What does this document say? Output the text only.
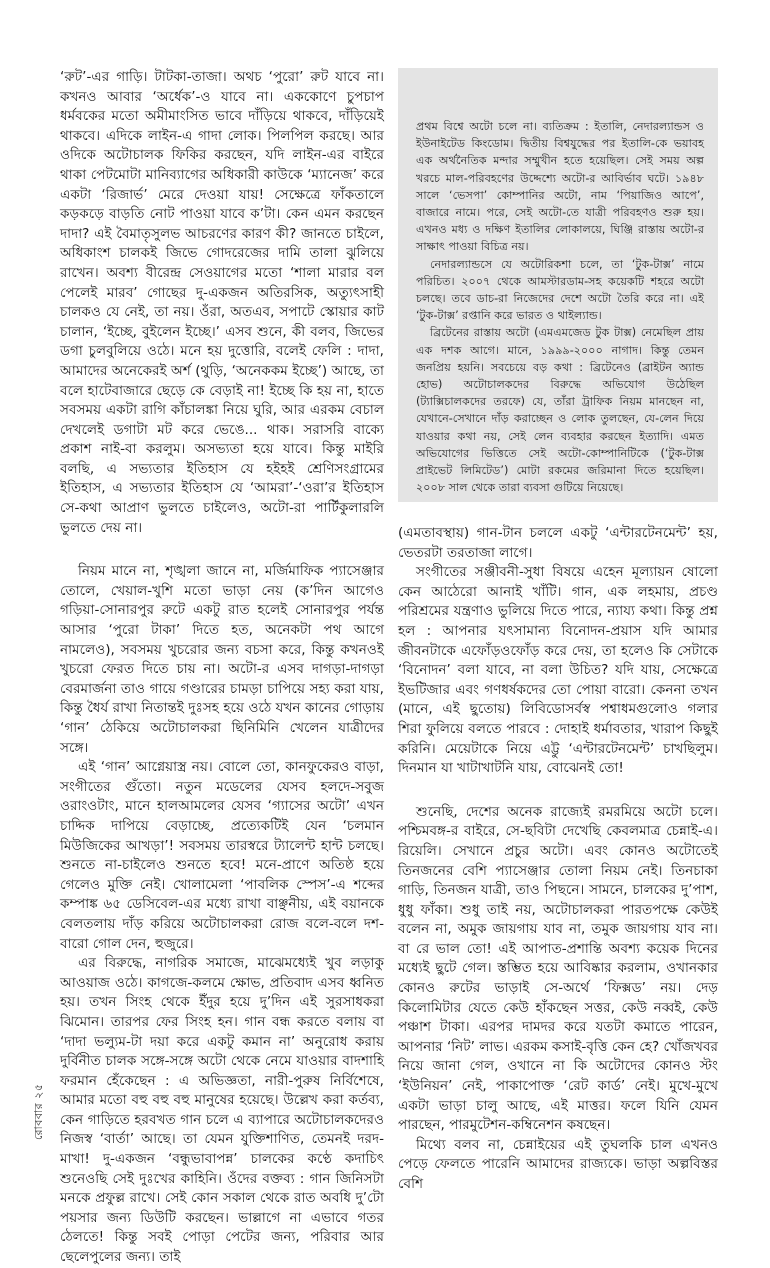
‘রুট’-এর গাড়ি। টাটকা-তাজা। অথচ ‘পুরো’ রুট যাবে না। কখনও আবার ‘অর্ধেক’-ও যাবে না। এককোণে চুপচাপ ধর্মবকের মতো অমীমাংসিত ভাবে দাঁড়িয়ে থাকবে, দাঁড়িয়েই থাকবে। এদিকে লাইন-এ গাদা লোক। পিলপিল করছে। আর ওদিকে অটোচালক ফিকির করছেন, যদি লাইন-এর বাইরে থাকা পেটমোটা মানিব্যাগের অধিকারী কাউকে ‘ম্যানেজ’ করে একটা ‘রিজার্ভ’ মেরে দেওয়া যায়! সেক্ষেত্রে ফাঁকতালে কড়কড়ে বাড়তি নোট পাওয়া যাবে ক’টা। কেন এমন করছেন দাদা? এই বৈমাতৃসুলভ আচরণের কারণ কী? জানতে চাইলে, অধিকাংশ চালকই জিভে গোদরেজের দামি তালা ঝুলিয়ে রাখেন। অবশ্য বীরেন্দ্র সেওয়াগের মতো ‘শালা মারার বল পেলেই মারব’ গোছের দু-একজন অতিরসিক, অত্যুৎসাহী চালকও যে নেই, তা নয়। ওঁরা, অতএব, সপাটে স্কোয়ার কাট চালান, ‘ইচ্ছে, বুইলেন ইচ্ছে।’ এসব শুনে, কী বলব, জিভের ডগা চুলবুলিয়ে ওঠে। মনে হয় দুত্তোরি, বলেই ফেলি : দাদা, আমাদের অনেকেরই অর্শ (থুড়ি, ‘অনেককম ইচ্ছে’) আছে, তা বলে হাটেবাজারে ছেড়ে কে বেড়াই না! ইচ্ছে কি হয় না, হাতে সবসময় একটা রাগি কাঁচালঙ্কা নিয়ে ঘুরি, আর এরকম বেচাল দেখলেই ডগাটা মট করে ভেঙে... থাক। সরাসরি বাক্যে প্রকাশ নাই-বা করলুম। অসভ্যতা হয়ে যাবে। কিন্তু মাইরি বলছি, এ সভ্যতার ইতিহাস যে হইহই শ্রেণিসংগ্রামের ইতিহাস, এ সভ্যতার ইতিহাস যে ‘আমরা’-‘ওরা’র ইতিহাস সে-কথা আপ্রাণ ভুলতে চাইলেও, অটো-রা পার্টিকুলারলি ভুলতে দেয় না।

নিয়ম মানে না, শৃঙ্খলা জানে না, মর্জিমাফিক প্যাসেঞ্জার তোলে, খেয়াল-খুশি মতো ভাড়া নেয় (ক’দিন আগেও গড়িয়া-সোনারপুর রুটে একটু রাত হলেই সোনারপুর পর্যন্ত আসার ‘পুরো টাকা’ দিতে হত, অনেকটা পথ আগে নামলেও), সবসময় খুচরোর জন্য বচসা করে, কিন্তু কখনওই খুচরো ফেরত দিতে চায় না। অটো-র এসব দাগড়া-দাগড়া বেরমার্জনা তাও গায়ে গণ্ডারের চামড়া চাপিয়ে সহ্য করা যায়, কিন্তু ধৈর্য রাখা নিতান্তই দুঃসহ হয়ে ওঠে যখন কানের গোড়ায় ‘গান’ ঠেকিয়ে অটোচালকরা ছিনিমিনি খেলেন যাত্রীদের সঙ্গে।

এই ‘গান’ আগ্নেয়াস্ত্র নয়। বোলে তো, কানফুকেরও বাড়া, সংগীতের গুঁতো। নতুন মডেলের যেসব হলদে-সবুজ ওরাংওটাং, মানে হালআমলের যেসব ‘গ্যাসের অটো’ এখন চাদ্দিক দাপিয়ে বেড়াচ্ছে, প্রত্যেকটিই যেন ‘চলমান মিউজিকের আখড়া’! সবসময় তারস্বরে ট্যালেন্ট হান্ট চলছে। শুনতে না-চাইলেও শুনতে হবে! মনে-প্রাণে অতিষ্ঠ হয়ে গেলেও মুক্তি নেই। খোলামেলা ‘পাবলিক স্পেস’-এ শব্দের কম্পাঙ্ক ৬৫ ডেসিবেল-এর মধ্যে রাখা বাঞ্ছনীয়, এই বয়ানকে বেলতলায় দাঁড় করিয়ে অটোচালকরা রোজ বলে-বলে দশ-বারো গোল দেন, হুজুরে।

এর বিরুদ্ধে, নাগরিক সমাজে, মাঝেমধ্যেই খুব লড়াকু আওয়াজ ওঠে। কাগজে-কলমে ক্ষোভ, প্রতিবাদ এসব ধ্বনিত হয়। তখন সিংহ থেকে ইঁদুর হয়ে দু’দিন এই সুরসাধকরা ঝিমোন। তারপর ফের সিংহ হন। গান বন্ধ করতে বলায় বা ‘দাদা ভল্যুম-টা দয়া করে একটু কমান না’ অনুরোধ করায় দুর্বিনীত চালক সঙ্গে-সঙ্গে অটো থেকে নেমে যাওয়ার বাদশাহি ফরমান হেঁকেছেন : এ অভিজ্ঞতা, নারী-পুরুষ নির্বিশেষে, আমার মতো বহু বহু বহু মানুষের হয়েছে। উল্লেখ করা কর্তব্য, কেন গাড়িতে হরবখত গান চলে এ ব্যাপারে অটোচালকদেরও নিজস্ব ‘বার্তা’ আছে। তা যেমন যুক্তিশাণিত, তেমনই দরদ-মাখা! দু-একজন ‘বন্ধুভাবাপন্ন’ চালকের কণ্ঠে কদাচিৎ শুনেওছি সেই দুঃখের কাহিনি। ওঁদের বক্তব্য : গান জিনিসটা মনকে প্রফুল্ল রাখে। সেই কোন সকাল থেকে রাত অবধি দু’টো পয়সার জন্য ডিউটি করছেন। ভাল্লাগে না এভাবে গতর ঠেলতে! কিন্তু সবই পোড়া পেটের জন্য, পরিবার আর ছেলেপুলের জন্য। তাই

প্রথম বিশ্বে অটো চলে না। ব্যতিক্রম : ইতালি, নেদারল্যান্ডস ও ইউনাইটেড কিংডোম। দ্বিতীয় বিশ্বযুদ্ধের পর ইতালি-কে ভয়াবহ এক অর্থনৈতিক মন্দার সম্মুখীন হতে হয়েছিল। সেই সময় অল্প খরচে মাল-পরিবহণের উদ্দেশ্যে অটো-র আবির্ভাব ঘটে। ১৯৪৮ সালে ‘ভেসপা’ কোম্পানির অটো, নাম ‘পিয়াজিও আপে’, বাজারে নামে। পরে, সেই অটো-তে যাত্রী পরিবহণও শুরু হয়। এখনও মধ্য ও দক্ষিণ ইতালির লোকালয়ে, ঘিঞ্জি রাস্তায় অটো-র সাক্ষাৎ পাওয়া বিচিত্র নয়।

নেদারল্যান্ডসে যে অটোরিকশা চলে, তা ‘টুক-টাক্স’ নামে পরিচিত। ২০০৭ থেকে আমস্টারডাম-সহ কয়েকটি শহরে অটো চলছে। তবে ডাচ-রা নিজেদের দেশে অটো তৈরি করে না। এই ‘টুক-টাক্স’ রপ্তানি করে ভারত ও থাইল্যান্ড।

ব্রিটেনের রাস্তায় অটো (এমএমজেড টুক টাক্স) নেমেছিল প্রায় এক দশক আগে। মানে, ১৯৯৯-২০০০ নাগাদ। কিন্তু তেমন জনপ্রিয় হয়নি। সবচেয়ে বড় কথা : ব্রিটেনেও (ব্রাইটন অ্যান্ড হোভ) অটোচালকদের বিরুদ্ধে অভিযোগ উঠেছিল (ট্যাক্সিচালকদের তরফে) যে, তাঁরা ট্রাফিক নিয়ম মানছেন না, যেখানে-সেখানে দাঁড় করাচ্ছেন ও লোক তুলছেন, যে-লেন দিয়ে যাওয়ার কথা নয়, সেই লেন ব্যবহার করছেন ইত্যাদি। এমত অভিযোগের ভিত্তিতে সেই অটো-কোম্পানিটিকে (‘টুক-টাক্স প্রাইভেট লিমিটেড’) মোটা রকমের জরিমানা দিতে হয়েছিল। ২০০৮ সাল থেকে তারা ব্যবসা গুটিয়ে নিয়েছে।

(এমতাবস্থায়) গান-টান চললে একটু ‘এন্টারটেনমেন্ট’ হয়, ভেতরটা তরতাজা লাগে।

সংগীতের সঞ্জীবনী-সুধা বিষয়ে এহেন মূল্যায়ন ষোলো কেন আঠেরো আনাই খাঁটি। গান, এক লহমায়, প্রচণ্ড পরিশ্রমের যন্ত্রণাও ভুলিয়ে দিতে পারে, ন্যায্য কথা। কিন্তু প্রশ্ন হল : আপনার যৎসামান্য বিনোদন-প্রয়াস যদি আমার জীবনটাকে এফোঁড়ওফোঁড় করে দেয়, তা হলেও কি সেটাকে ‘বিনোদন’ বলা যাবে, না বলা উচিত? যদি যায়, সেক্ষেত্রে ইভটিজার এবং গণধর্ষকদের তো পোয়া বারো। কেননা তখন (মানে, এই ছুতোয়) লিবিডোসর্বস্ব পশ্বাধমগুলোও গলার শিরা ফুলিয়ে বলতে পারবে : দোহাই ধর্মাবতার, খারাপ কিছুই করিনি। মেয়েটাকে নিয়ে এট্টু ‘এন্টারটেনমেন্ট’ চাখছিলুম। দিনমান যা খাটাখাটনি যায়, বোঝেনই তো!

শুনেছি, দেশের অনেক রাজ্যেই রমরমিয়ে অটো চলে। পশ্চিমবঙ্গ-র বাইরে, সে-ছবিটা দেখেছি কেবলমাত্র চেন্নাই-এ। রিয়েলি। সেখানে প্রচুর অটো। এবং কোনও অটোতেই তিনজনের বেশি প্যাসেঞ্জার তোলা নিয়ম নেই। তিনচাকা গাড়ি, তিনজন যাত্রী, তাও পিছনে। সামনে, চালকের দু’পাশ, ধুধু ফাঁকা। শুধু তাই নয়, অটোচালকরা পারতপক্ষে কেউই বলেন না, অমুক জায়গায় যাব না, তমুক জায়গায় যাব না। বা রে ভাল তো! এই আপাত-প্রশান্তি অবশ্য কয়েক দিনের মধ্যেই ছুটে গেল। স্তম্ভিত হয়ে আবিষ্কার করলাম, ওখানকার কোনও রুটের ভাড়াই সে-অর্থে ‘ফিক্সড’ নয়। দেড় কিলোমিটার যেতে কেউ হাঁকছেন সত্তর, কেউ নব্বই, কেউ পঞ্চাশ টাকা। এরপর দামদর করে যতটা কমাতে পারেন, আপনার ‘নিট’ লাভ। এরকম কসাই-বৃত্তি কেন হে? খোঁজখবর নিয়ে জানা গেল, ওখানে না কি অটোদের কোনও স্টং ‘ইউনিয়ন’ নেই, পাকাপোক্ত ‘রেট কার্ড’ নেই। মুখে-মুখে একটা ভাড়া চালু আছে, এই মাত্তর। ফলে যিনি যেমন পারছেন, পারমুটেশন-কম্বিনেশন কষছেন।

মিথ্যে বলব না, চেন্নাইয়ের এই তুঘলকি চাল এখনও পেড়ে ফেলতে পারেনি আমাদের রাজ্যকে। ভাড়া অল্পবিস্তর বেশি

রোববার ২৫
